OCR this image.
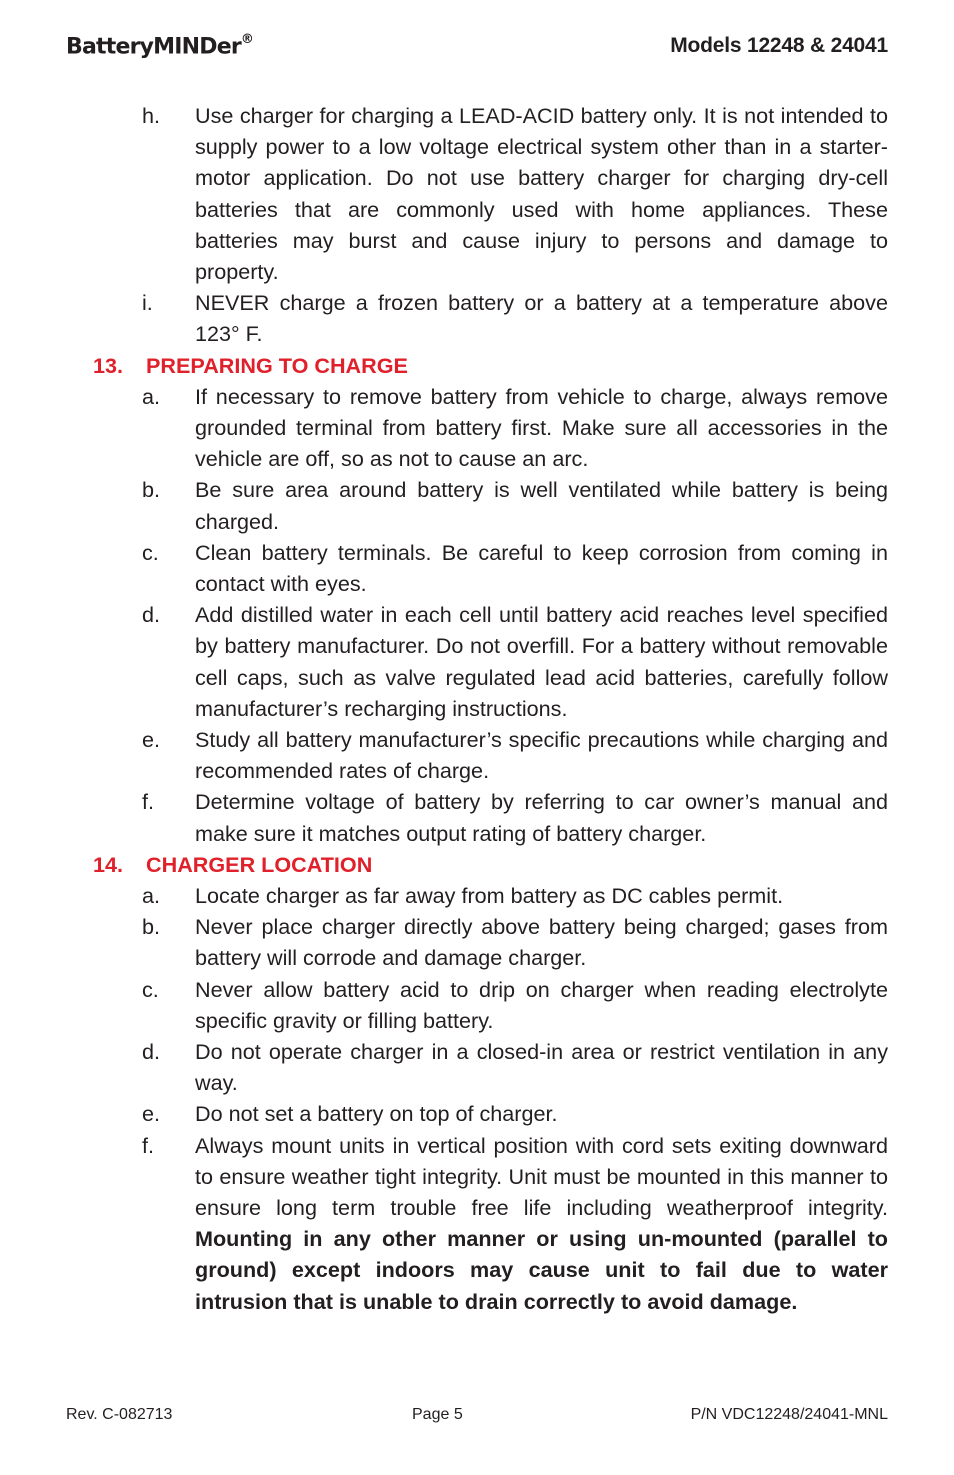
BatteryMINDer®	Models 12248 & 24041
h. Use charger for charging a LEAD-ACID battery only. It is not intended to supply power to a low voltage electrical system other than in a starter-motor application. Do not use battery charger for charging dry-cell batteries that are commonly used with home appliances. These batteries may burst and cause injury to persons and damage to property.
i. NEVER charge a frozen battery or a battery at a temperature above 123° F.
13. PREPARING TO CHARGE
a. If necessary to remove battery from vehicle to charge, always remove grounded terminal from battery first. Make sure all accessories in the vehicle are off, so as not to cause an arc.
b. Be sure area around battery is well ventilated while battery is being charged.
c. Clean battery terminals. Be careful to keep corrosion from coming in contact with eyes.
d. Add distilled water in each cell until battery acid reaches level specified by battery manufacturer. Do not overfill. For a battery without removable cell caps, such as valve regulated lead acid batteries, carefully follow manufacturer’s recharging instructions.
e. Study all battery manufacturer’s specific precautions while charging and recommended rates of charge.
f. Determine voltage of battery by referring to car owner’s manual and make sure it matches output rating of battery charger.
14. CHARGER LOCATION
a. Locate charger as far away from battery as DC cables permit.
b. Never place charger directly above battery being charged; gases from battery will corrode and damage charger.
c. Never allow battery acid to drip on charger when reading electrolyte specific gravity or filling battery.
d. Do not operate charger in a closed-in area or restrict ventilation in any way.
e. Do not set a battery on top of charger.
f. Always mount units in vertical position with cord sets exiting downward to ensure weather tight integrity. Unit must be mounted in this manner to ensure long term trouble free life including weatherproof integrity. Mounting in any other manner or using un-mounted (parallel to ground) except indoors may cause unit to fail due to water intrusion that is unable to drain correctly to avoid damage.
Rev. C-082713	Page 5	P/N VDC12248/24041-MNL
